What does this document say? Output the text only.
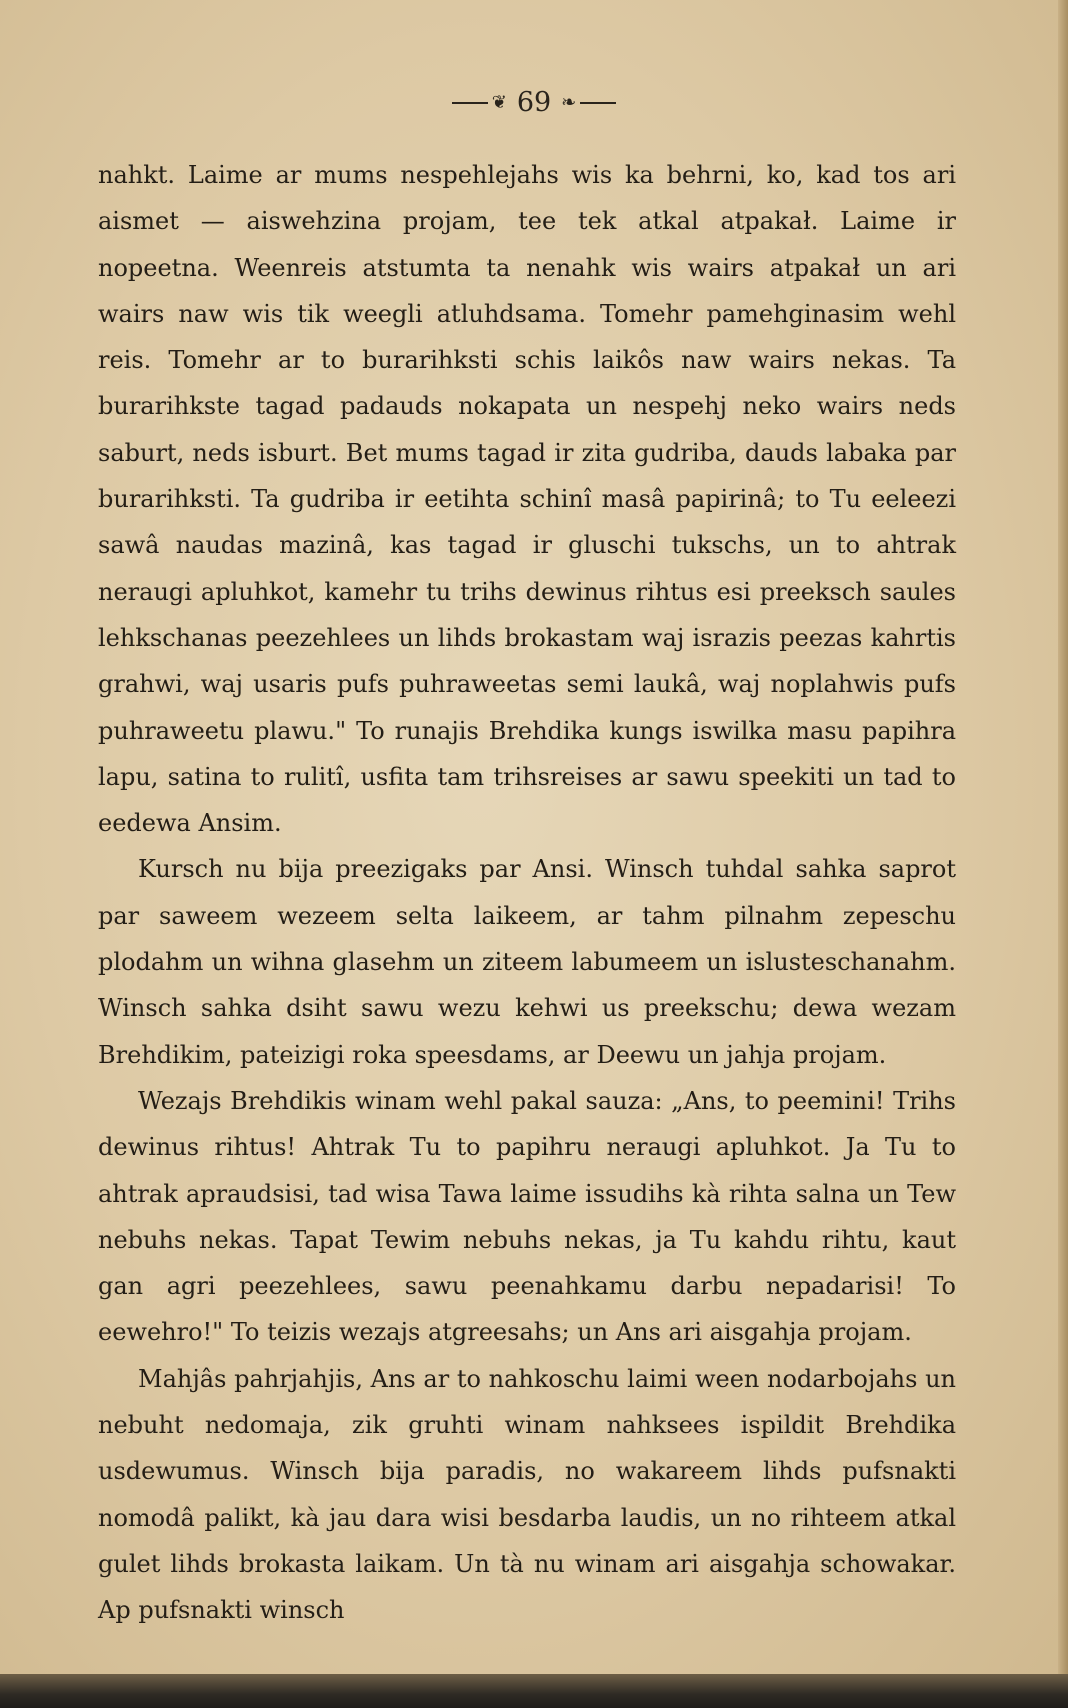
❦ 69 ❧

nahkt. Laime ar mums nespehlejahs wis ka behrni, ko, kad tos ari aismet — aiswehzina projam, tee tek atkal atpakał. Laime ir nopeetna. Weenreis atstumta ta nenahk wis wairs atpakał un ari wairs naw wis tik weegli atluhdsama. Tomehr pamehginasim wehl reis. Tomehr ar to burarihksti schis laikôs naw wairs nekas. Ta burarihkste tagad padauds nokapata un nespehj neko wairs neds saburt, neds isburt. Bet mums tagad ir zita gudriba, dauds labaka par burarihksti. Ta gudriba ir eetihta schinî masâ papirinâ; to Tu eeleezi sawâ naudas mazinâ, kas tagad ir gluschi tukschs, un to ahtrak neraugi apluhkot, kamehr tu trihs dewinus rihtus esi preeksch saules lehkschanas peezehlees un lihds brokastam waj israzis peezas kahrtis grahwi, waj usaris pufs puhraweetas semi laukâ, waj noplahwis pufs puhraweetu plawu." To runajis Brehdika kungs iswilka masu papihra lapu, satina to rulitî, usfita tam trihsreises ar sawu speekiti un tad to eedewa Ansim.

Kursch nu bija preezigaks par Ansi. Winsch tuhdal sahka saprot par saweem wezeem selta laikeem, ar tahm pilnahm zepeschu plodahm un wihna glasehm un ziteem labumeem un islusteschanahm. Winsch sahka dsiht sawu wezu kehwi us preekschu; dewa wezam Brehdikim, pateizigi roka speesdams, ar Deewu un jahja projam.

Wezajs Brehdikis winam wehl pakal sauza: „Ans, to peemini! Trihs dewinus rihtus! Ahtrak Tu to papihru neraugi apluhkot. Ja Tu to ahtrak apraudsisi, tad wisa Tawa laime issudihs kà rihta salna un Tew nebuhs nekas. Tapat Tewim nebuhs nekas, ja Tu kahdu rihtu, kaut gan agri peezehlees, sawu peenahkamu darbu nepadarisi! To eewehro!" To teizis wezajs atgreesahs; un Ans ari aisgahja projam.

Mahjâs pahrjahjis, Ans ar to nahkoschu laimi ween nodarbojahs un nebuht nedomaja, zik gruhti winam nahksees ispildit Brehdika usdewumus. Winsch bija paradis, no wakareem lihds pufsnakti nomodâ palikt, kà jau dara wisi besdarba laudis, un no rihteem atkal gulet lihds brokasta laikam. Un tà nu winam ari aisgahja schowakar. Ap pufsnakti winsch
